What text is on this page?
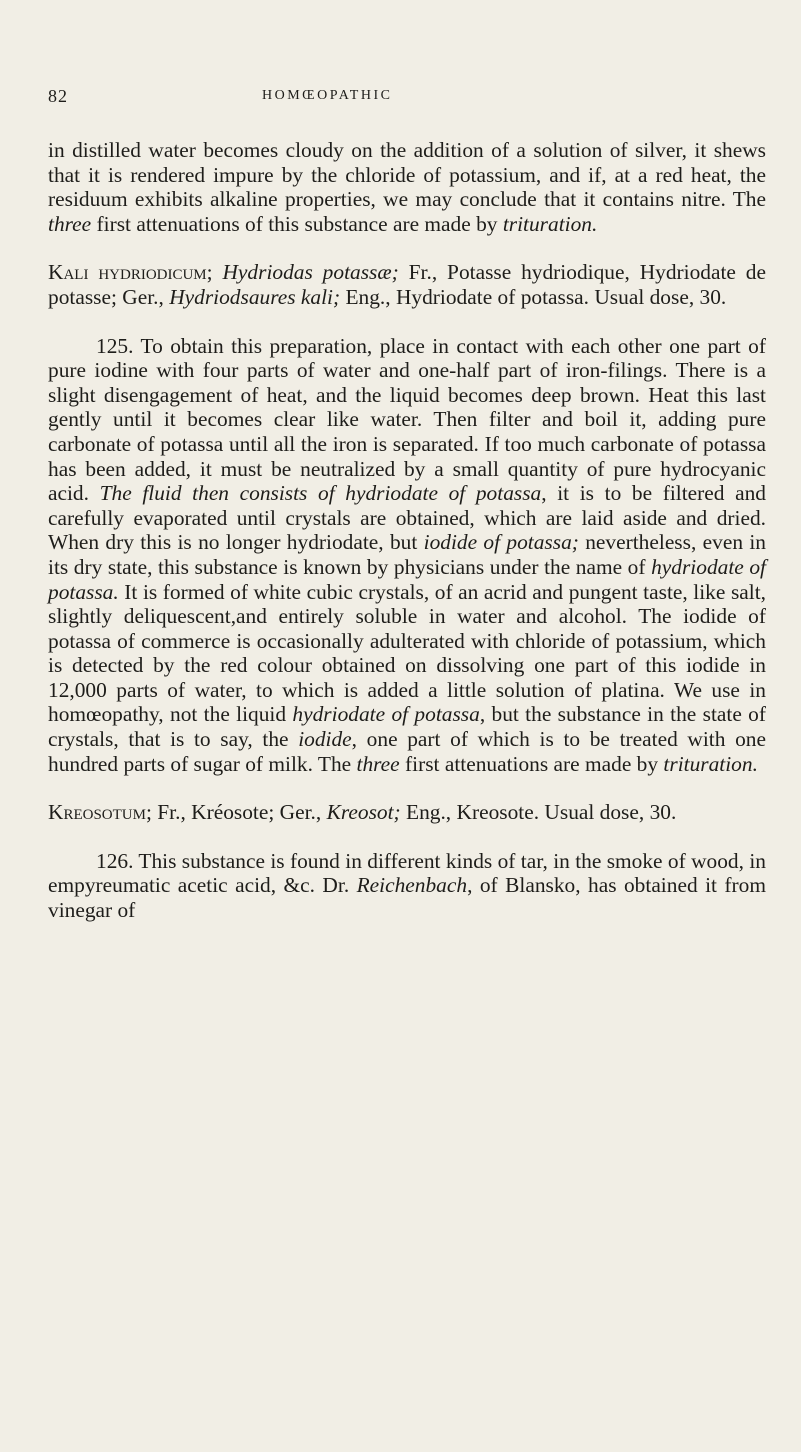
82	HOMŒOPATHIC

in distilled water becomes cloudy on the addition of a solution of silver, it shews that it is rendered impure by the chloride of potassium, and if, at a red heat, the residuum exhibits alkaline properties, we may conclude that it contains nitre. The three first attenuations of this substance are made by trituration.

Kali hydriodicum; Hydriodas potassæ; Fr., Potasse hydriodique, Hydriodate de potasse; Ger., Hydriodsaures kali; Eng., Hydriodate of potassa. Usual dose, 30.

125. To obtain this preparation, place in contact with each other one part of pure iodine with four parts of water and one-half part of iron-filings. There is a slight disengagement of heat, and the liquid becomes deep brown. Heat this last gently until it becomes clear like water. Then filter and boil it, adding pure carbonate of potassa until all the iron is separated. If too much carbonate of potassa has been added, it must be neutralized by a small quantity of pure hydrocyanic acid. The fluid then consists of hydriodate of potassa, it is to be filtered and carefully evaporated until crystals are obtained, which are laid aside and dried. When dry this is no longer hydriodate, but iodide of potassa; nevertheless, even in its dry state, this substance is known by physicians under the name of hydriodate of potassa. It is formed of white cubic crystals, of an acrid and pungent taste, like salt, slightly deliquescent,and entirely soluble in water and alcohol. The iodide of potassa of commerce is occasionally adulterated with chloride of potassium, which is detected by the red colour obtained on dissolving one part of this iodide in 12,000 parts of water, to which is added a little solution of platina. We use in homœopathy, not the liquid hydriodate of potassa, but the substance in the state of crystals, that is to say, the iodide, one part of which is to be treated with one hundred parts of sugar of milk. The three first attenuations are made by trituration.

Kreosotum; Fr., Kréosote; Ger., Kreosot; Eng., Kreosote. Usual dose, 30.

126. This substance is found in different kinds of tar, in the smoke of wood, in empyreumatic acetic acid, &c. Dr. Reichenbach, of Blansko, has obtained it from vinegar of
